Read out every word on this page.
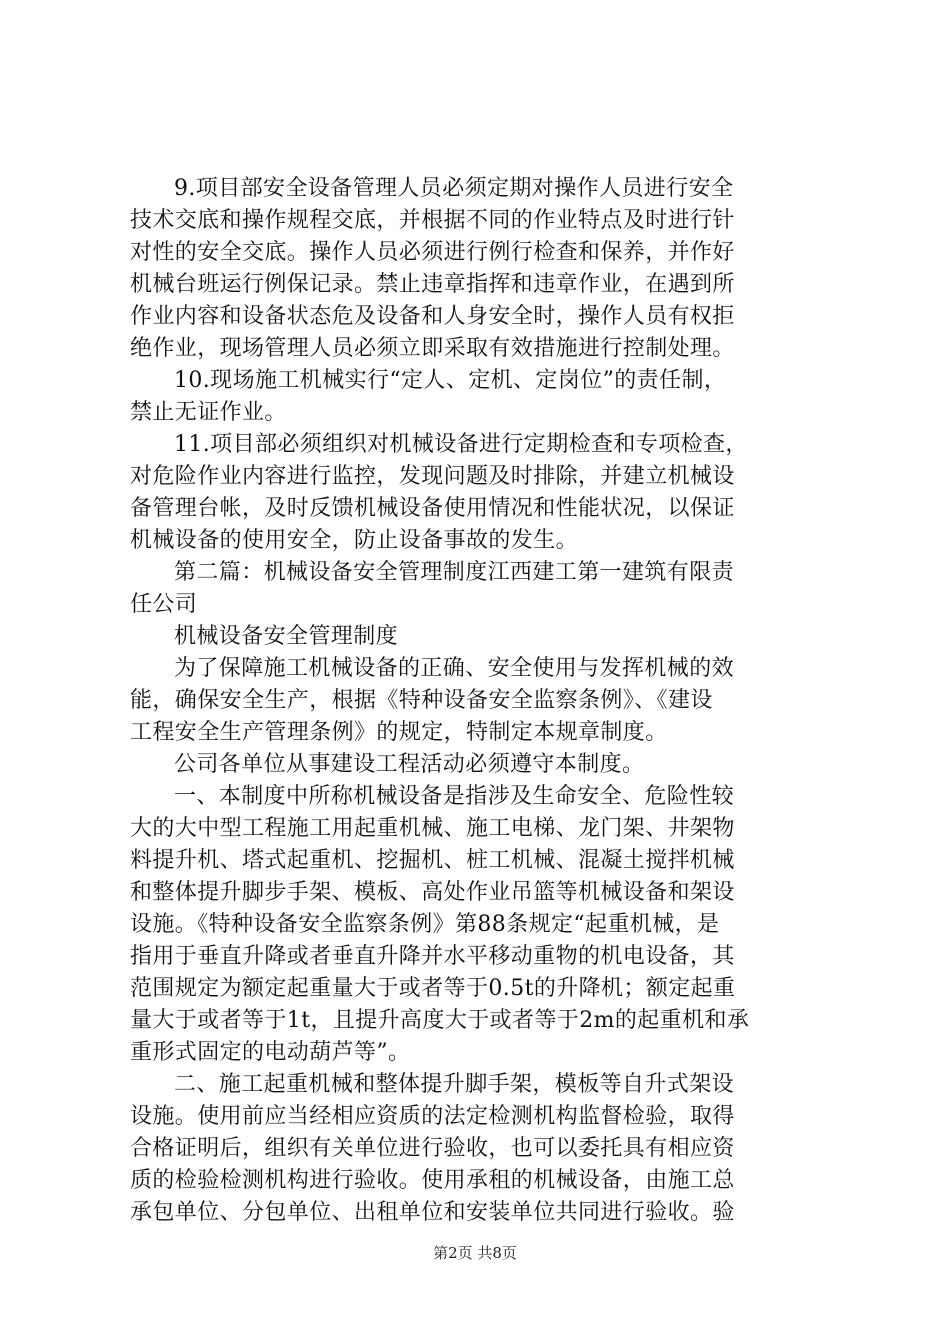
9.项目部安全设备管理人员必须定期对操作人员进行安全
技术交底和操作规程交底，并根据不同的作业特点及时进行针
对性的安全交底。操作人员必须进行例行检查和保养，并作好
机械台班运行例保记录。禁止违章指挥和违章作业，在遇到所
作业内容和设备状态危及设备和人身安全时，操作人员有权拒
绝作业，现场管理人员必须立即采取有效措施进行控制处理。
10.现场施工机械实行“定人、定机、定岗位”的责任制，
禁止无证作业。
11.项目部必须组织对机械设备进行定期检查和专项检查，
对危险作业内容进行监控，发现问题及时排除，并建立机械设
备管理台帐，及时反馈机械设备使用情况和性能状况，以保证
机械设备的使用安全，防止设备事故的发生。
第二篇：机械设备安全管理制度江西建工第一建筑有限责
任公司
机械设备安全管理制度
为了保障施工机械设备的正确、安全使用与发挥机械的效
能，确保安全生产，根据《特种设备安全监察条例》、《建设
工程安全生产管理条例》的规定，特制定本规章制度。
公司各单位从事建设工程活动必须遵守本制度。
一、本制度中所称机械设备是指涉及生命安全、危险性较
大的大中型工程施工用起重机械、施工电梯、龙门架、井架物
料提升机、塔式起重机、挖掘机、桩工机械、混凝土搅拌机械
和整体提升脚步手架、模板、高处作业吊篮等机械设备和架设
设施。《特种设备安全监察条例》第88条规定“起重机械，是
指用于垂直升降或者垂直升降并水平移动重物的机电设备，其
范围规定为额定起重量大于或者等于0.5t的升降机；额定起重
量大于或者等于1t，且提升高度大于或者等于2m的起重机和承
重形式固定的电动葫芦等”。
二、施工起重机械和整体提升脚手架，模板等自升式架设
设施。使用前应当经相应资质的法定检测机构监督检验，取得
合格证明后，组织有关单位进行验收，也可以委托具有相应资
质的检验检测机构进行验收。使用承租的机械设备，由施工总
承包单位、分包单位、出租单位和安装单位共同进行验收。验
第2页 共8页
